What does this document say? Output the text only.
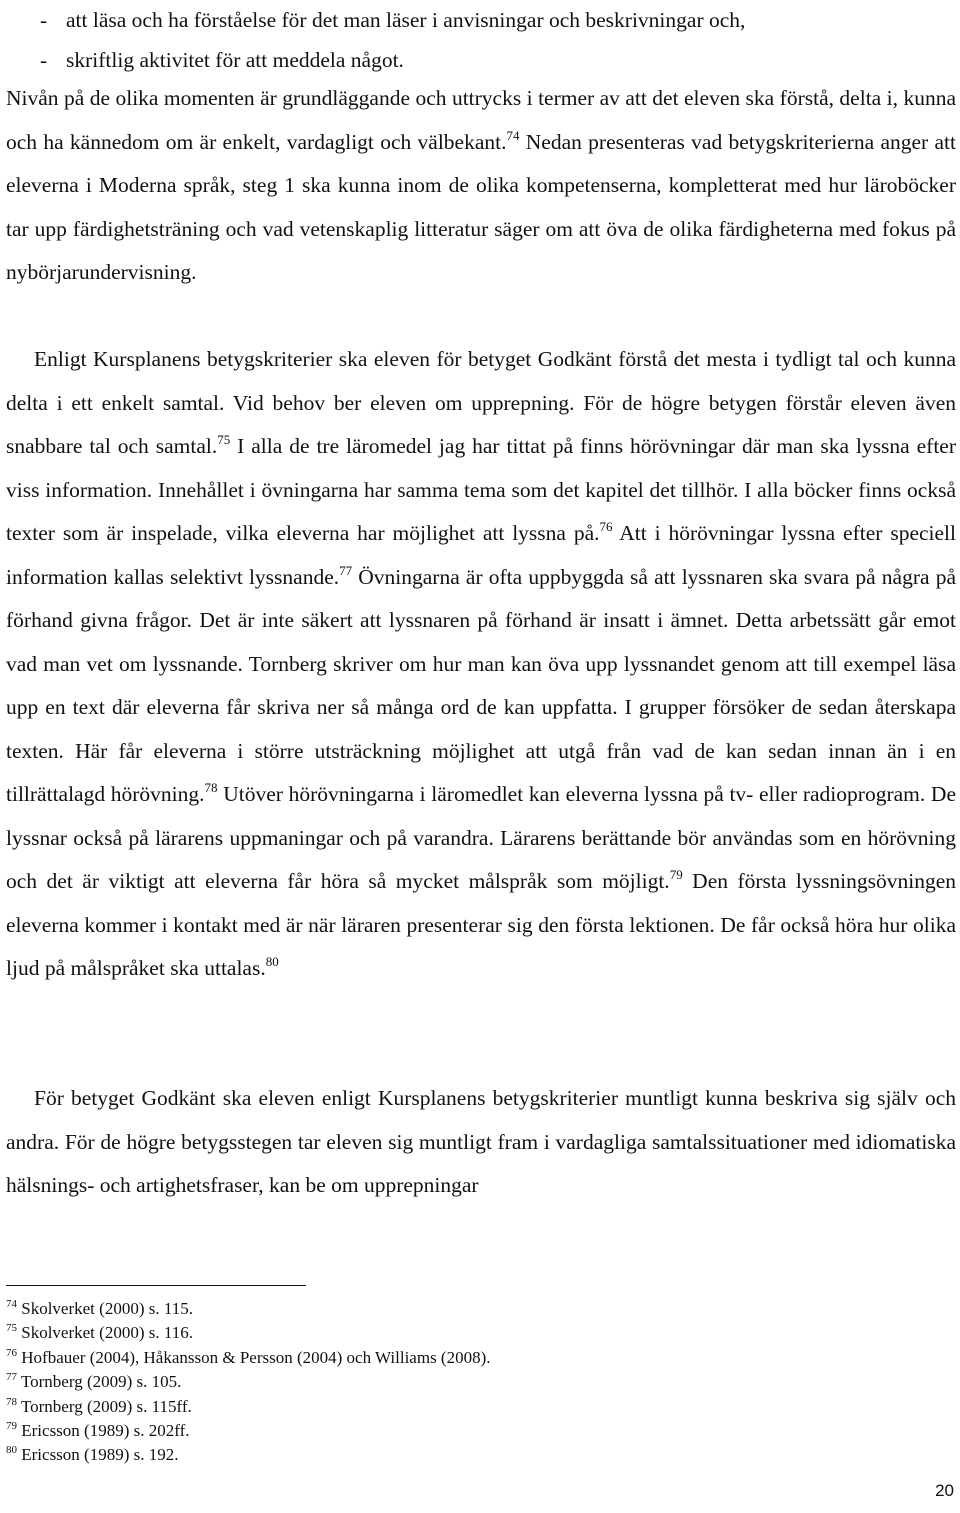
- att läsa och ha förståelse för det man läser i anvisningar och beskrivningar och,
- skriftlig aktivitet för att meddela något.

Nivån på de olika momenten är grundläggande och uttrycks i termer av att det eleven ska förstå, delta i, kunna och ha kännedom om är enkelt, vardagligt och välbekant.$^{74}$ Nedan presenteras vad betygskriterierna anger att eleverna i Moderna språk, steg 1 ska kunna inom de olika kompetenserna, kompletterat med hur läroböcker tar upp färdighetsträning och vad vetenskaplig litteratur säger om att öva de olika färdigheterna med fokus på nybörjarundervisning.

Enligt Kursplanens betygskriterier ska eleven för betyget Godkänt förstå det mesta i tydligt tal och kunna delta i ett enkelt samtal. Vid behov ber eleven om upprepning. För de högre betygen förstår eleven även snabbare tal och samtal.$^{75}$ I alla de tre läromedel jag har tittat på finns hörövningar där man ska lyssna efter viss information. Innehållet i övningarna har samma tema som det kapitel det tillhör. I alla böcker finns också texter som är inspelade, vilka eleverna har möjlighet att lyssna på.$^{76}$ Att i hörövningar lyssna efter speciell information kallas selektivt lyssnande.$^{77}$ Övningarna är ofta uppbyggda så att lyssnaren ska svara på några på förhand givna frågor. Det är inte säkert att lyssnaren på förhand är insatt i ämnet. Detta arbetssätt går emot vad man vet om lyssnande. Tornberg skriver om hur man kan öva upp lyssnandet genom att till exempel läsa upp en text där eleverna får skriva ner så många ord de kan uppfatta. I grupper försöker de sedan återskapa texten. Här får eleverna i större utsträckning möjlighet att utgå från vad de kan sedan innan än i en tillrättalagd hörövning.$^{78}$ Utöver hörövningarna i läromedlet kan eleverna lyssna på tv- eller radioprogram. De lyssnar också på lärarens uppmaningar och på varandra. Lärarens berättande bör användas som en hörövning och det är viktigt att eleverna får höra så mycket målspråk som möjligt.$^{79}$ Den första lyssningsövningen eleverna kommer i kontakt med är när läraren presenterar sig den första lektionen. De får också höra hur olika ljud på målspråket ska uttalas.$^{80}$

För betyget Godkänt ska eleven enligt Kursplanens betygskriterier muntligt kunna beskriva sig själv och andra. För de högre betygsstegen tar eleven sig muntligt fram i vardagliga samtalssituationer med idiomatiska hälsnings- och artighetsfraser, kan be om upprepningar

$^{74}$ Skolverket (2000) s. 115.
$^{75}$ Skolverket (2000) s. 116.
$^{76}$ Hofbauer (2004), Håkansson & Persson (2004) och Williams (2008).
$^{77}$ Tornberg (2009) s. 105.
$^{78}$ Tornberg (2009) s. 115ff.
$^{79}$ Ericsson (1989) s. 202ff.
$^{80}$ Ericsson (1989) s. 192.
20
